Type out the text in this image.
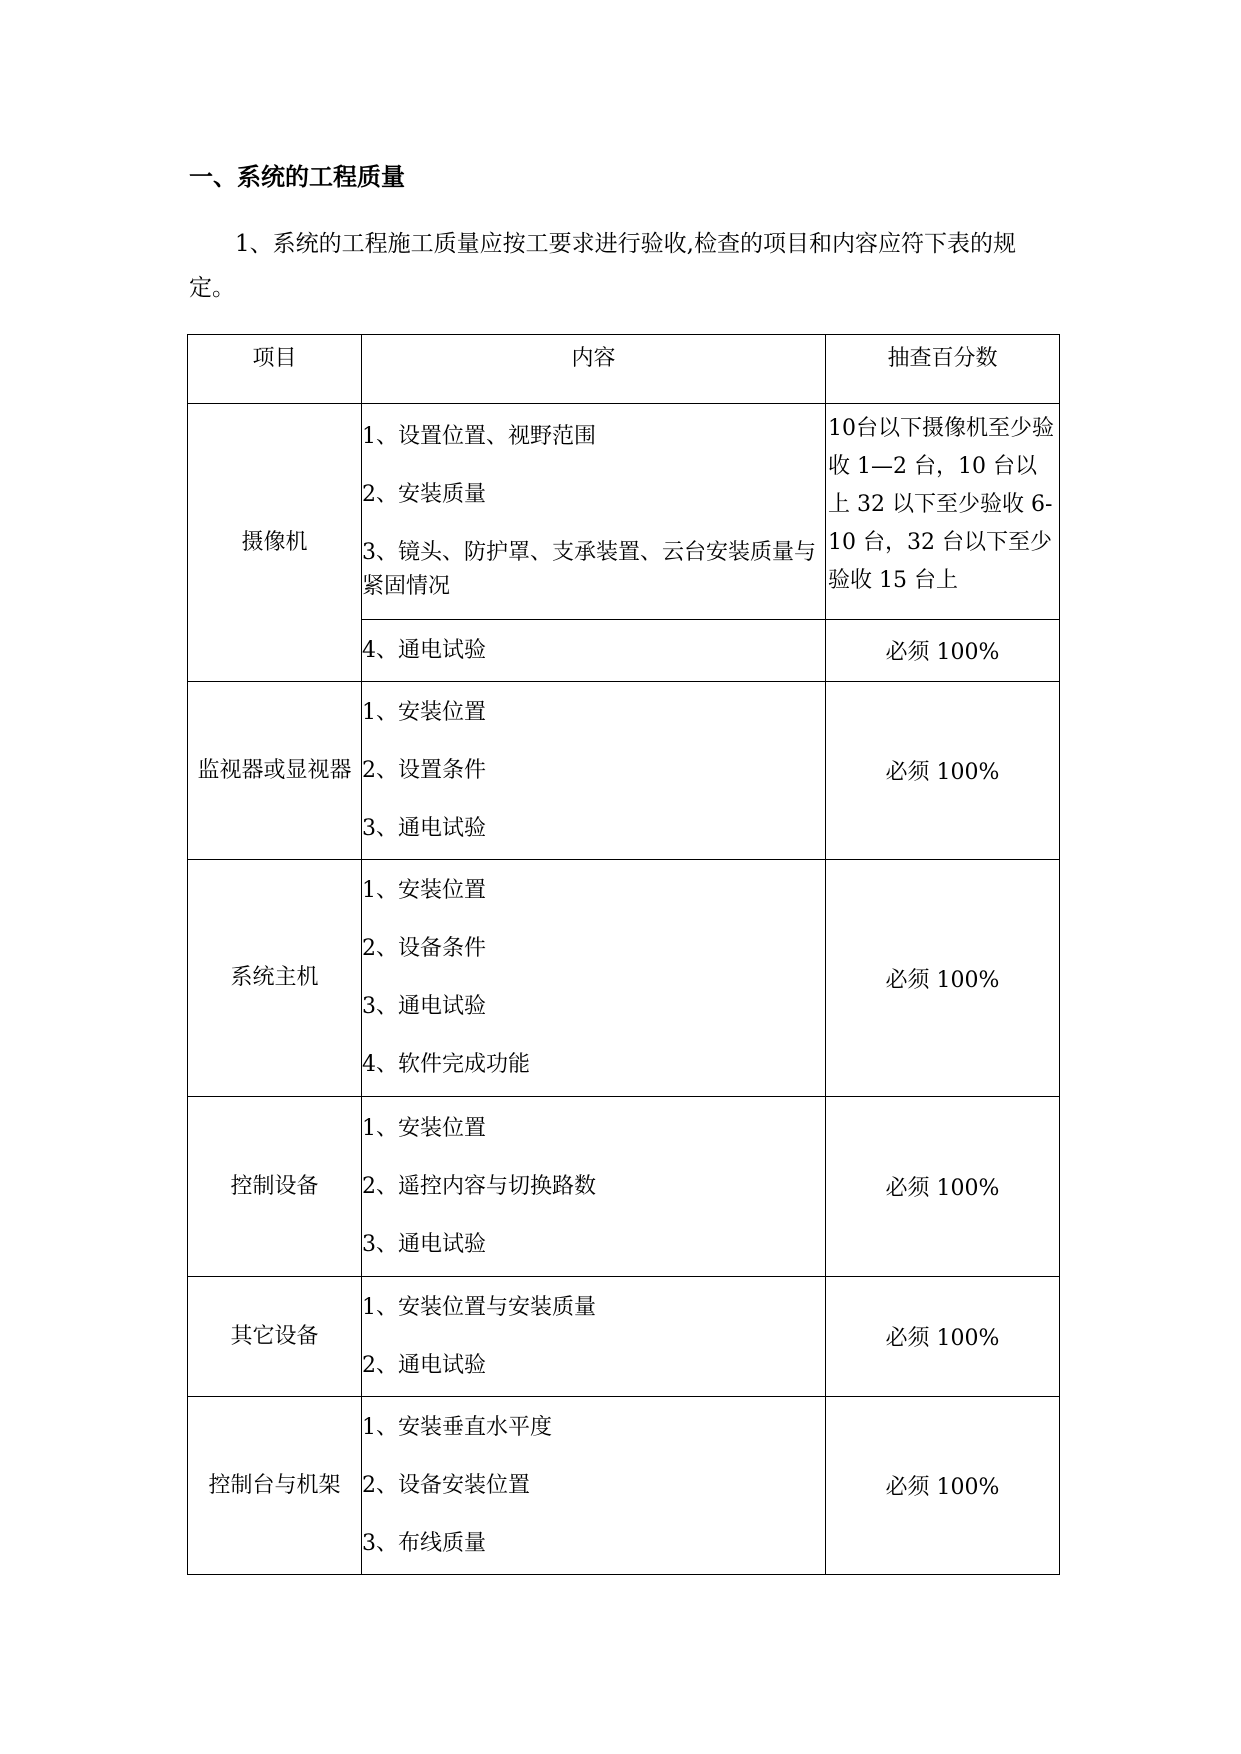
一、系统的工程质量

1、系统的工程施工质量应按工要求进行验收,检查的项目和内容应符下表的规定。

项目	内容	抽查百分数
摄像机	1、设置位置、视野范围
2、安装质量
3、镜头、防护罩、支承装置、云台安装质量与紧固情况	10台以下摄像机至少验收 1—2 台，10 台以上 32 以下至少验收 6-10 台，32 台以下至少验收 15 台上

	4、通电试验	必须 100%
监视器或显视器	1、安装位置
2、设置条件
3、通电试验	必须 100%
系统主机	1、安装位置
2、设备条件
3、通电试验
4、软件完成功能	必须 100%
控制设备	1、安装位置
2、遥控内容与切换路数
3、通电试验	必须 100%
其它设备	1、安装位置与安装质量
2、通电试验	必须 100%
控制台与机架	1、安装垂直水平度
2、设备安装位置
3、布线质量	必须 100%
